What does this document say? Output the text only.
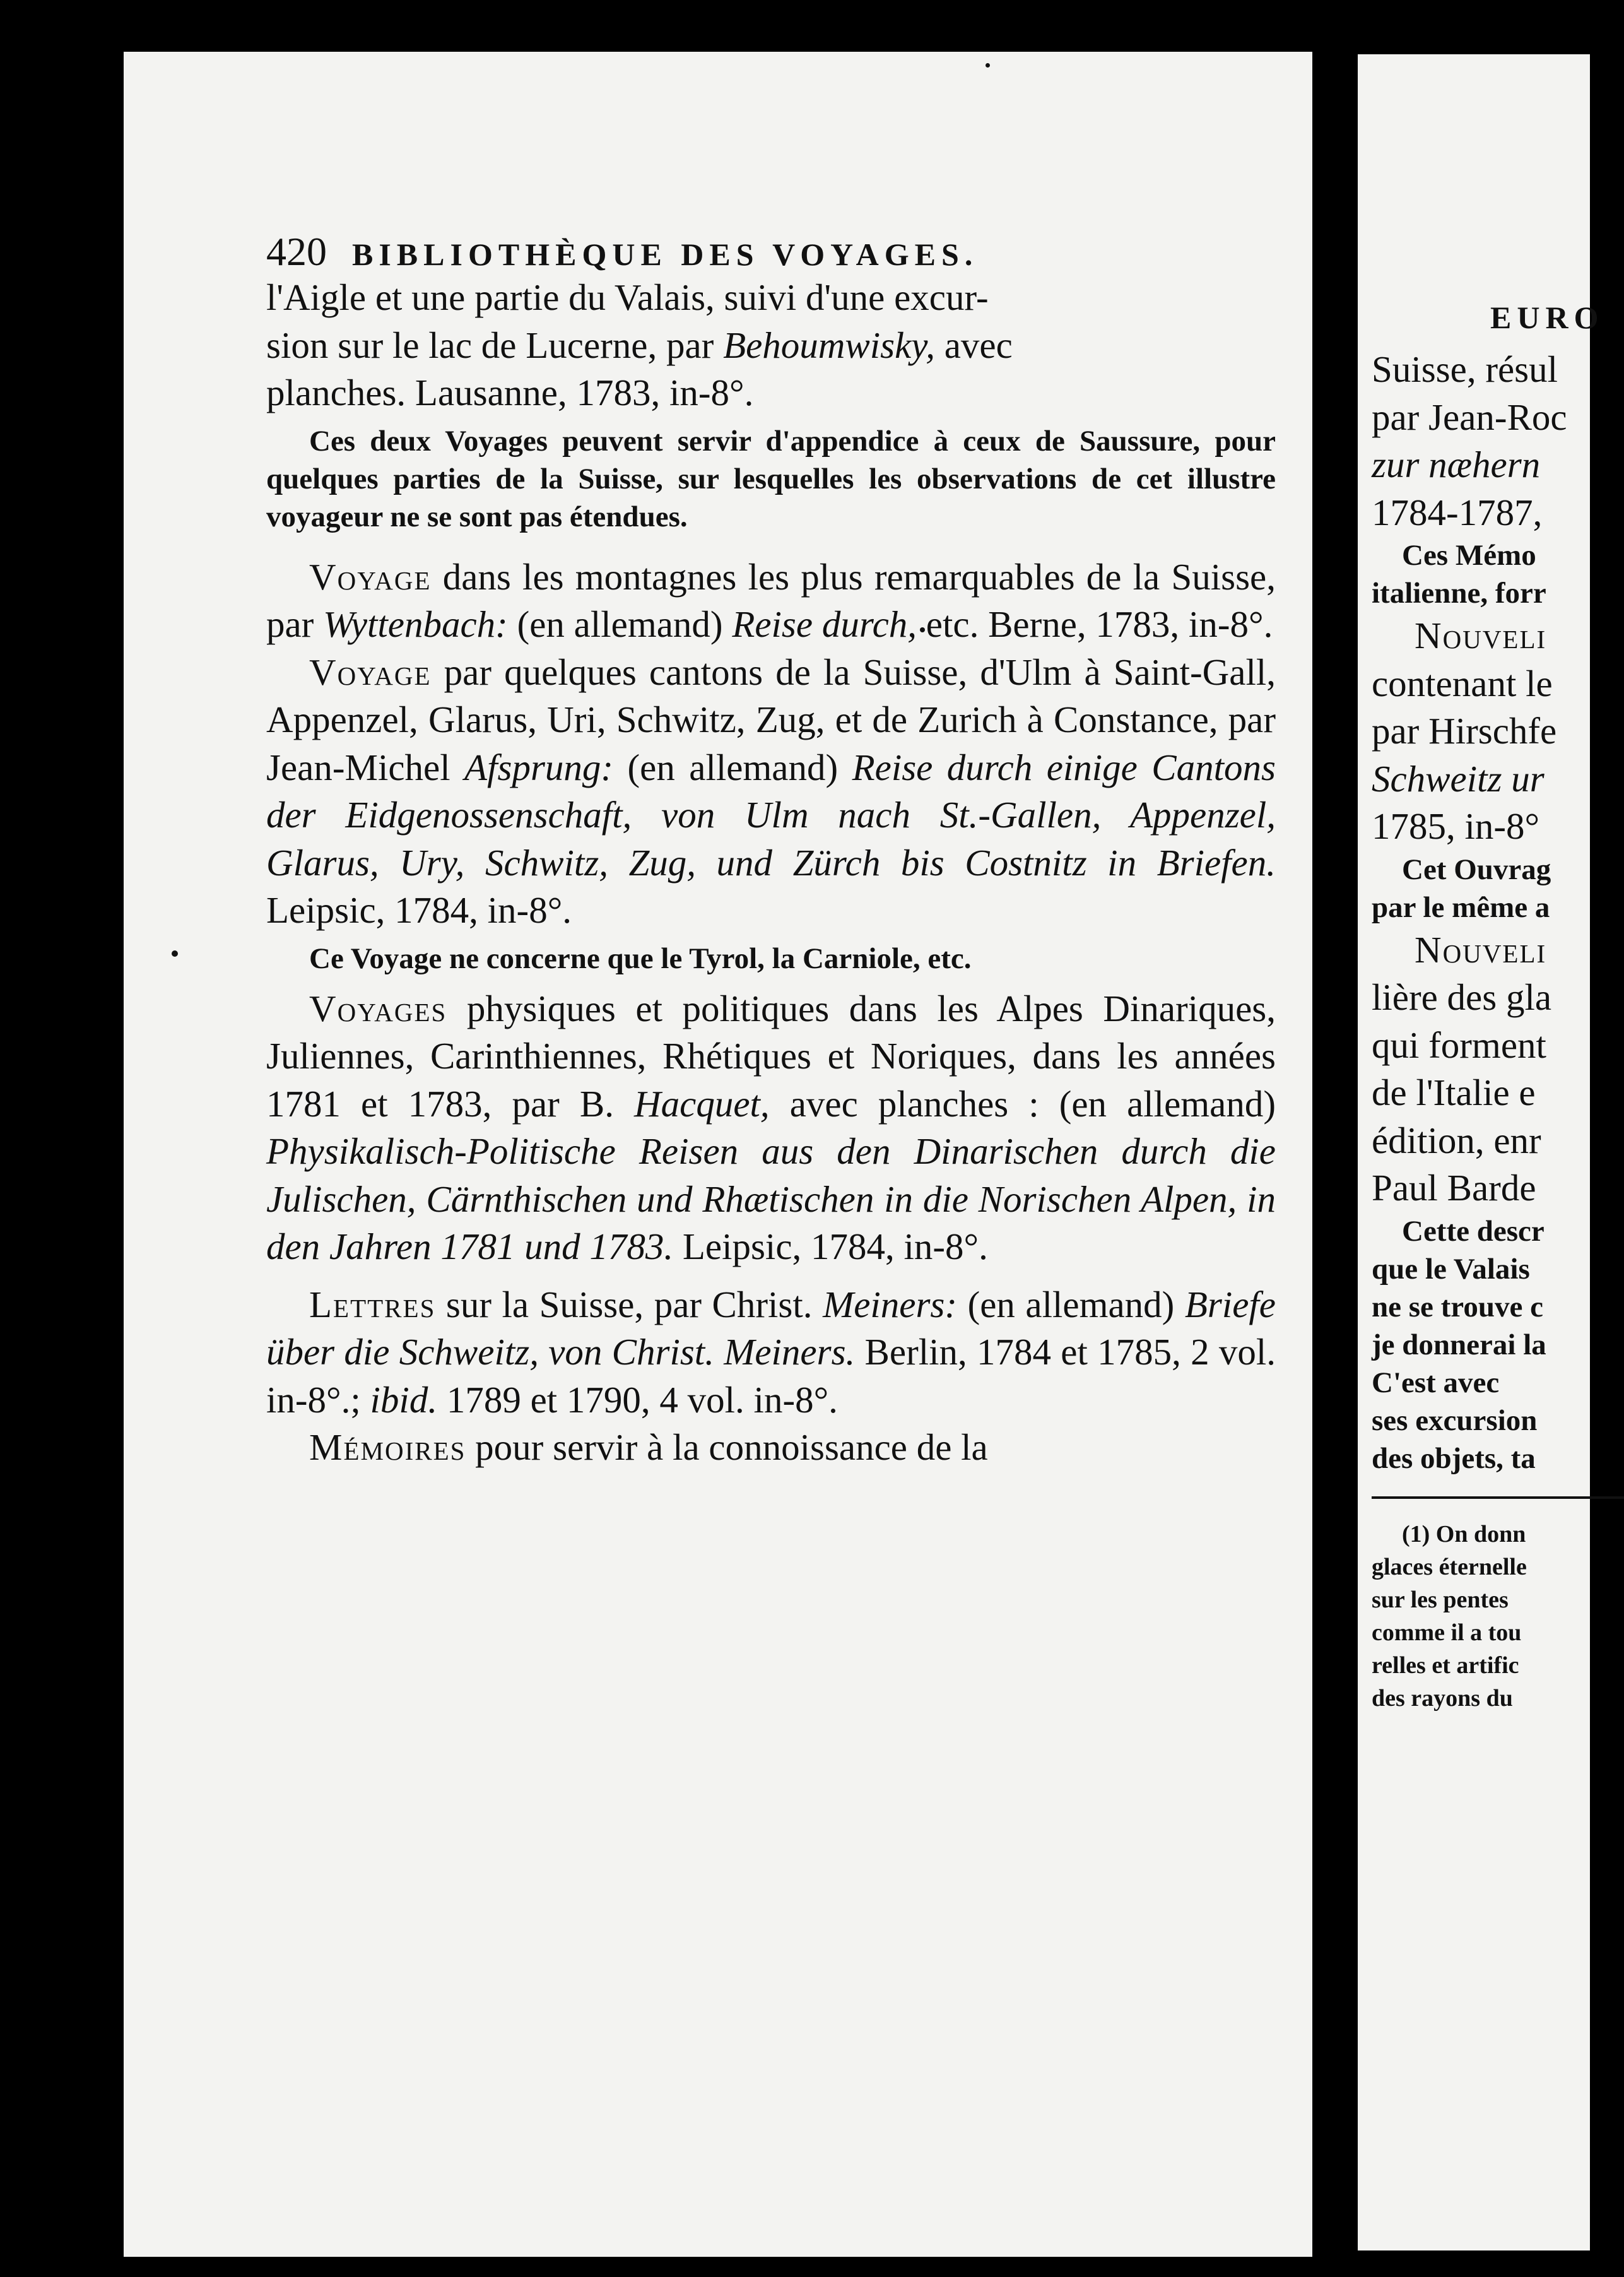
EURO
Suisse, résul
par Jean-Roc
zur næhern
1784-1787,
Ces Mémo
italienne, forr
Nouveli
contenant le
par Hirschfe
Schweitz ur
1785, in-8°
Cet Ouvrag
par le même a
Nouveli
lière des gla
qui forment
de l'Italie e
édition, enr
Paul Barde
Cette descr
que le Valais
ne se trouve c
je donnerai la
C'est avec
ses excursion
des objets, ta
(1) On donn
glaces éternelle
sur les pentes
comme il a tou
relles et artific
des rayons du
420 BIBLIOTHÈQUE DES VOYAGES.

l'Aigle et une partie du Valais, suivi d'une excur-
sion sur le lac de Lucerne, par Behoumwisky, avec
planches. Lausanne, 1783, in-8°.

Ces deux Voyages peuvent servir d'appendice à ceux de Saussure, pour quelques parties de la Suisse, sur lesquelles les observations de cet illustre voyageur ne se sont pas étendues.

Voyage dans les montagnes les plus remarquables de la Suisse, par Wyttenbach: (en allemand) Reise durch, etc. Berne, 1783, in-8°.

Voyage par quelques cantons de la Suisse, d'Ulm à Saint-Gall, Appenzel, Glarus, Uri, Schwitz, Zug, et de Zurich à Constance, par Jean-Michel Afsprung: (en allemand) Reise durch einige Cantons der Eidgenossenschaft, von Ulm nach St.-Gallen, Appenzel, Glarus, Ury, Schwitz, Zug, und Zürch bis Costnitz in Briefen. Leipsic, 1784, in-8°.

Ce Voyage ne concerne que le Tyrol, la Carniole, etc.

Voyages physiques et politiques dans les Alpes Dinariques, Juliennes, Carinthiennes, Rhétiques et Noriques, dans les années 1781 et 1783, par B. Hacquet, avec planches : (en allemand) Physikalisch-Politische Reisen aus den Dinarischen durch die Julischen, Cärnthischen und Rhætischen in die Norischen Alpen, in den Jahren 1781 und 1783. Leipsic, 1784, in-8°.

Lettres sur la Suisse, par Christ. Meiners: (en allemand) Briefe über die Schweitz, von Christ. Meiners. Berlin, 1784 et 1785, 2 vol. in-8°.; ibid. 1789 et 1790, 4 vol. in-8°.

Mémoires pour servir à la connoissance de la
